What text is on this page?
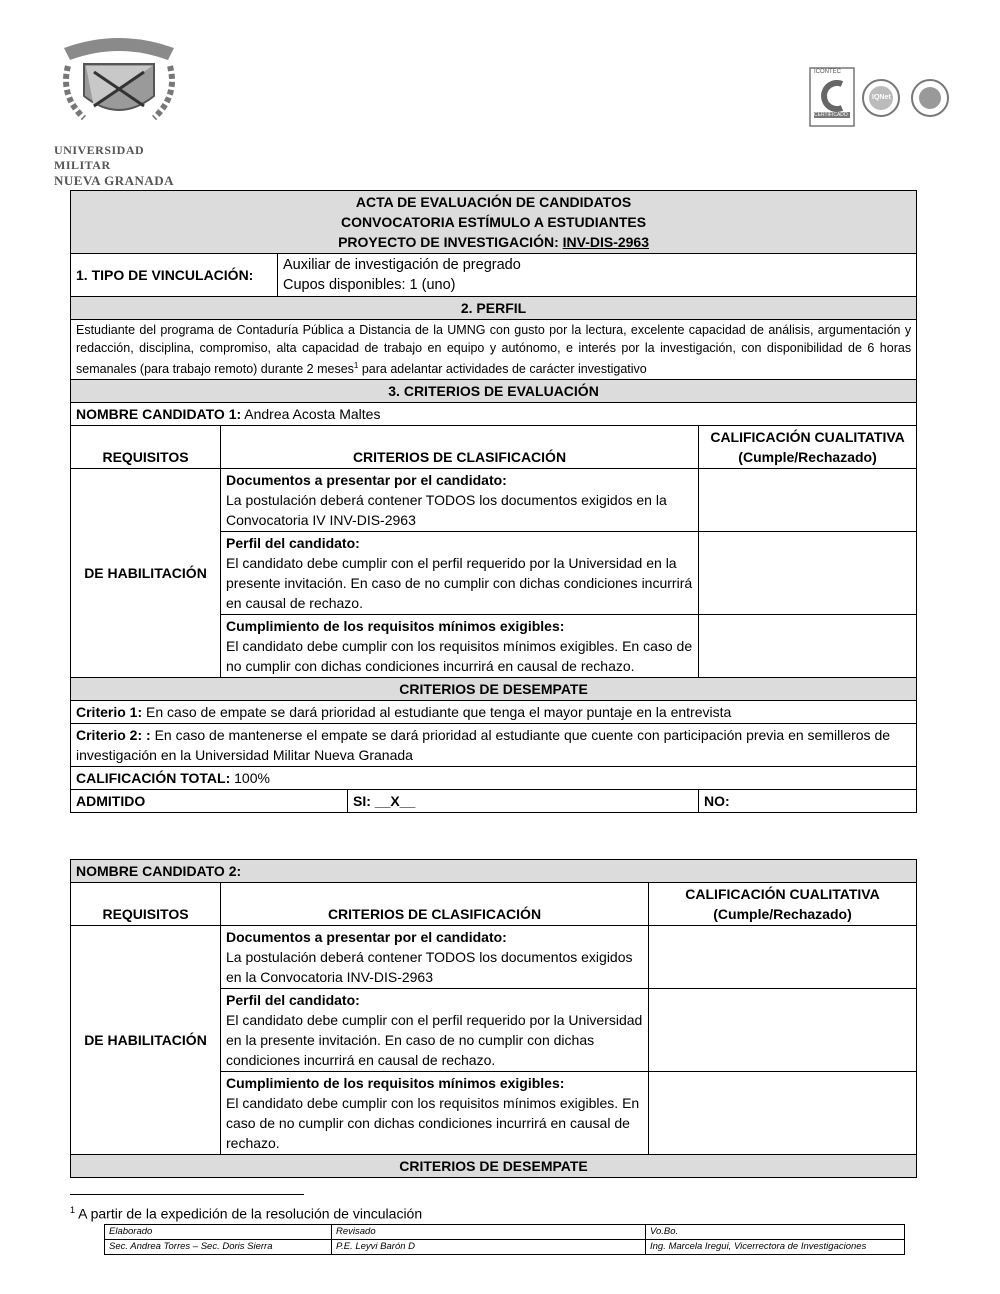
SCIENTIÆ · PATRIÆ · FAMILIÆ
UNIVERSIDAD MILITAR
NUEVA GRANADA
ICONTEC
CERTIFICADO
IQNet
ACTA DE EVALUACIÓN DE CANDIDATOS
CONVOCATORIA ESTÍMULO A ESTUDIANTES
PROYECTO DE INVESTIGACIÓN: INV-DIS-2963				

1. TIPO DE VINCULACIÓN:		Auxiliar de investigación de pregrado
Cupos disponibles: 1 (uno)		

2. PERFIL				
Estudiante del programa de Contaduría Pública a Distancia de la UMNG con gusto por la lectura, excelente capacidad de análisis, argumentación y redacción, disciplina, compromiso, alta capacidad de trabajo en equipo y autónomo, e interés por la investigación, con disponibilidad de 6 horas semanales (para trabajo remoto) durante 2 meses$^1$ para adelantar actividades de carácter investigativo				
3. CRITERIOS DE EVALUACIÓN				
NOMBRE CANDIDATO 1: Andrea Acosta Maltes				
REQUISITOS	CRITERIOS DE CLASIFICACIÓN			CALIFICACIÓN CUALITATIVA
(Cumple/Rechazado)

DE HABILITACIÓN	Documentos a presentar por el candidato:
La postulación deberá contener TODOS los documentos exigidos en la Convocatoria IV INV-DIS-2963			

	Perfil del candidato:
El candidato debe cumplir con el perfil requerido por la Universidad en la presente invitación. En caso de no cumplir con dichas condiciones incurrirá en causal de rechazo.			

	Cumplimiento de los requisitos mínimos exigibles:
El candidato debe cumplir con los requisitos mínimos exigibles. En caso de no cumplir con dichas condiciones incurrirá en causal de rechazo.			

CRITERIOS DE DESEMPATE				
Criterio 1: En caso de empate se dará prioridad al estudiante que tenga el mayor puntaje en la entrevista				
Criterio 2: : En caso de mantenerse el empate se dará prioridad al estudiante que cuente con participación previa en semilleros de investigación en la Universidad Militar Nueva Granada				
CALIFICACIÓN TOTAL: 100%				
ADMITIDO			SI: __X__	NO:
NOMBRE CANDIDATO 2:		
REQUISITOS	CRITERIOS DE CLASIFICACIÓN	CALIFICACIÓN CUALITATIVA
(Cumple/Rechazado)

DE HABILITACIÓN	Documentos a presentar por el candidato:
La postulación deberá contener TODOS los documentos exigidos en la Convocatoria INV-DIS-2963	

	Perfil del candidato:
El candidato debe cumplir con el perfil requerido por la Universidad en la presente invitación. En caso de no cumplir con dichas condiciones incurrirá en causal de rechazo.	

	Cumplimiento de los requisitos mínimos exigibles:
El candidato debe cumplir con los requisitos mínimos exigibles. En caso de no cumplir con dichas condiciones incurrirá en causal de rechazo.	

CRITERIOS DE DESEMPATE		
$^1$ A partir de la expedición de la resolución de vinculación
Elaborado	Revisado	Vo.Bo.
Sec. Andrea Torres – Sec. Doris Sierra	P.E. Leyvi Barón D	Ing. Marcela Iregui, Vicerrectora de Investigaciones
